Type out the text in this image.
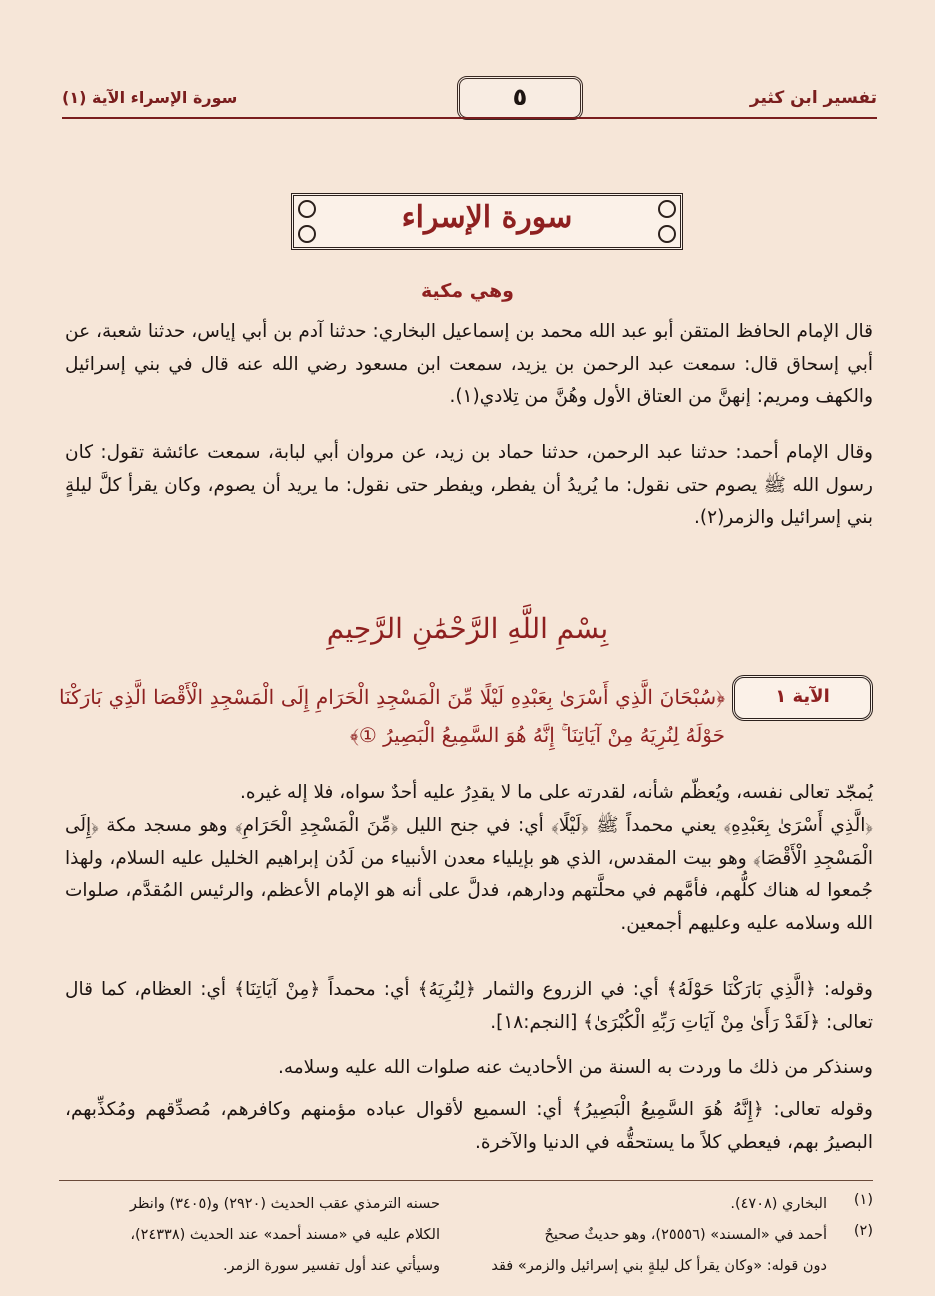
تفسير ابن كثير
٥
سورة الإسراء الآية (١)
سورة الإسراء
وهي مكية
قال الإمام الحافظ المتقن أبو عبد الله محمد بن إسماعيل البخاري: حدثنا آدم بن أبي إياس، حدثنا شعبة، عن أبي إسحاق قال: سمعت عبد الرحمن بن يزيد، سمعت ابن مسعود رضي الله عنه قال في بني إسرائيل والكهف ومريم: إنهنَّ من العتاق الأول وهُنَّ من تِلادي(١).
وقال الإمام أحمد: حدثنا عبد الرحمن، حدثنا حماد بن زيد، عن مروان أبي لبابة، سمعت عائشة تقول: كان رسول الله ﷺ يصوم حتى نقول: ما يُريدُ أن يفطر، ويفطر حتى نقول: ما يريد أن يصوم، وكان يقرأ كلَّ ليلةٍ بني إسرائيل والزمر(٢).
بِسْمِ اللَّهِ الرَّحْمَٰنِ الرَّحِيمِ
الآية ١
﴿سُبْحَانَ الَّذِي أَسْرَىٰ بِعَبْدِهِ لَيْلًا مِّنَ الْمَسْجِدِ الْحَرَامِ إِلَى الْمَسْجِدِ الْأَقْصَا الَّذِي بَارَكْنَا حَوْلَهُ لِنُرِيَهُ مِنْ آيَاتِنَا ۚ إِنَّهُ هُوَ السَّمِيعُ الْبَصِيرُ ①﴾
يُمجّد تعالى نفسه، ويُعظّم شأنه، لقدرته على ما لا يقدِرُ عليه أحدٌ سواه، فلا إله غيره.
﴿الَّذِي أَسْرَىٰ بِعَبْدِهِ﴾ يعني محمداً ﷺ ﴿لَيْلًا﴾ أي: في جنح الليل ﴿مِّنَ الْمَسْجِدِ الْحَرَامِ﴾ وهو مسجد مكة ﴿إِلَى الْمَسْجِدِ الْأَقْصَا﴾ وهو بيت المقدس، الذي هو بإيلياء معدن الأنبياء من لَدُن إبراهيم الخليل عليه السلام، ولهذا جُمعوا له هناك كلُّهم، فأمَّهم في محلَّتهم ودارهم، فدلَّ على أنه هو الإمام الأعظم، والرئيس المُقدَّم، صلوات الله وسلامه عليه وعليهم أجمعين.
وقوله: ﴿الَّذِي بَارَكْنَا حَوْلَهُ﴾ أي: في الزروع والثمار ﴿لِنُرِيَهُ﴾ أي: محمداً ﴿مِنْ آيَاتِنَا﴾ أي: العظام، كما قال تعالى: ﴿لَقَدْ رَأَىٰ مِنْ آيَاتِ رَبِّهِ الْكُبْرَىٰ﴾ [النجم:١٨].
وسنذكر من ذلك ما وردت به السنة من الأحاديث عنه صلوات الله عليه وسلامه.
وقوله تعالى: ﴿إِنَّهُ هُوَ السَّمِيعُ الْبَصِيرُ﴾ أي: السميع لأقوال عباده مؤمنهم وكافرهم، مُصدِّقهم ومُكذِّبهم، البصيرُ بهم، فيعطي كلاً ما يستحقُّه في الدنيا والآخرة.
(١)
البخاري (٤٧٠٨).
(٢)
أحمد في «المسند» (٢٥٥٥٦)، وهو حديثٌ صحيحٌ
دون قوله: «وكان يقرأ كل ليلةٍ بني إسرائيل والزمر» فقد
حسنه الترمذي عقب الحديث (٢٩٢٠) و(٣٤٠٥) وانظر
الكلام عليه في «مسند أحمد» عند الحديث (٢٤٣٣٨)،
وسيأتي عند أول تفسير سورة الزمر.
